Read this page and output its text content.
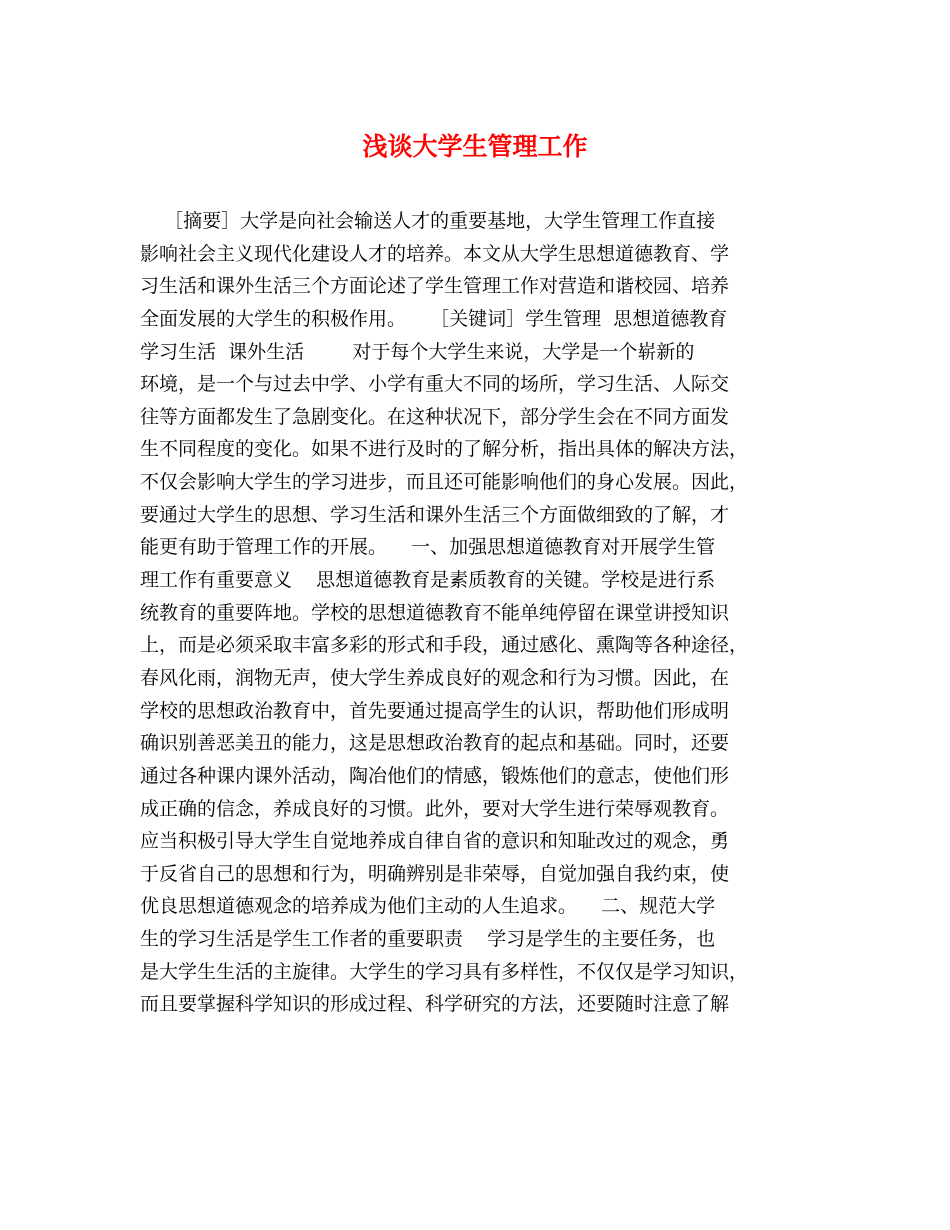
浅谈大学生管理工作
［摘要］大学是向社会输送人才的重要基地，大学生管理工作直接
影响社会主义现代化建设人才的培养。本文从大学生思想道德教育、学
习生活和课外生活三个方面论述了学生管理工作对营造和谐校园、培养
全面发展的大学生的积极作用。    ［关键词］学生管理  思想道德教育
学习生活  课外生活        对于每个大学生来说，大学是一个崭新的
环境，是一个与过去中学、小学有重大不同的场所，学习生活、人际交
往等方面都发生了急剧变化。在这种状况下，部分学生会在不同方面发
生不同程度的变化。如果不进行及时的了解分析，指出具体的解决方法，
不仅会影响大学生的学习进步，而且还可能影响他们的身心发展。因此，
要通过大学生的思想、学习生活和课外生活三个方面做细致的了解，才
能更有助于管理工作的开展。    一、加强思想道德教育对开展学生管
理工作有重要意义    思想道德教育是素质教育的关键。学校是进行系
统教育的重要阵地。学校的思想道德教育不能单纯停留在课堂讲授知识
上，而是必须采取丰富多彩的形式和手段，通过感化、熏陶等各种途径，
春风化雨，润物无声，使大学生养成良好的观念和行为习惯。因此，在
学校的思想政治教育中，首先要通过提高学生的认识，帮助他们形成明
确识别善恶美丑的能力，这是思想政治教育的起点和基础。同时，还要
通过各种课内课外活动，陶冶他们的情感，锻炼他们的意志，使他们形
成正确的信念，养成良好的习惯。此外，要对大学生进行荣辱观教育。
应当积极引导大学生自觉地养成自律自省的意识和知耻改过的观念，勇
于反省自己的思想和行为，明确辨别是非荣辱，自觉加强自我约束，使
优良思想道德观念的培养成为他们主动的人生追求。    二、规范大学
生的学习生活是学生工作者的重要职责    学习是学生的主要任务，也
是大学生生活的主旋律。大学生的学习具有多样性，不仅仅是学习知识，
而且要掌握科学知识的形成过程、科学研究的方法，还要随时注意了解
